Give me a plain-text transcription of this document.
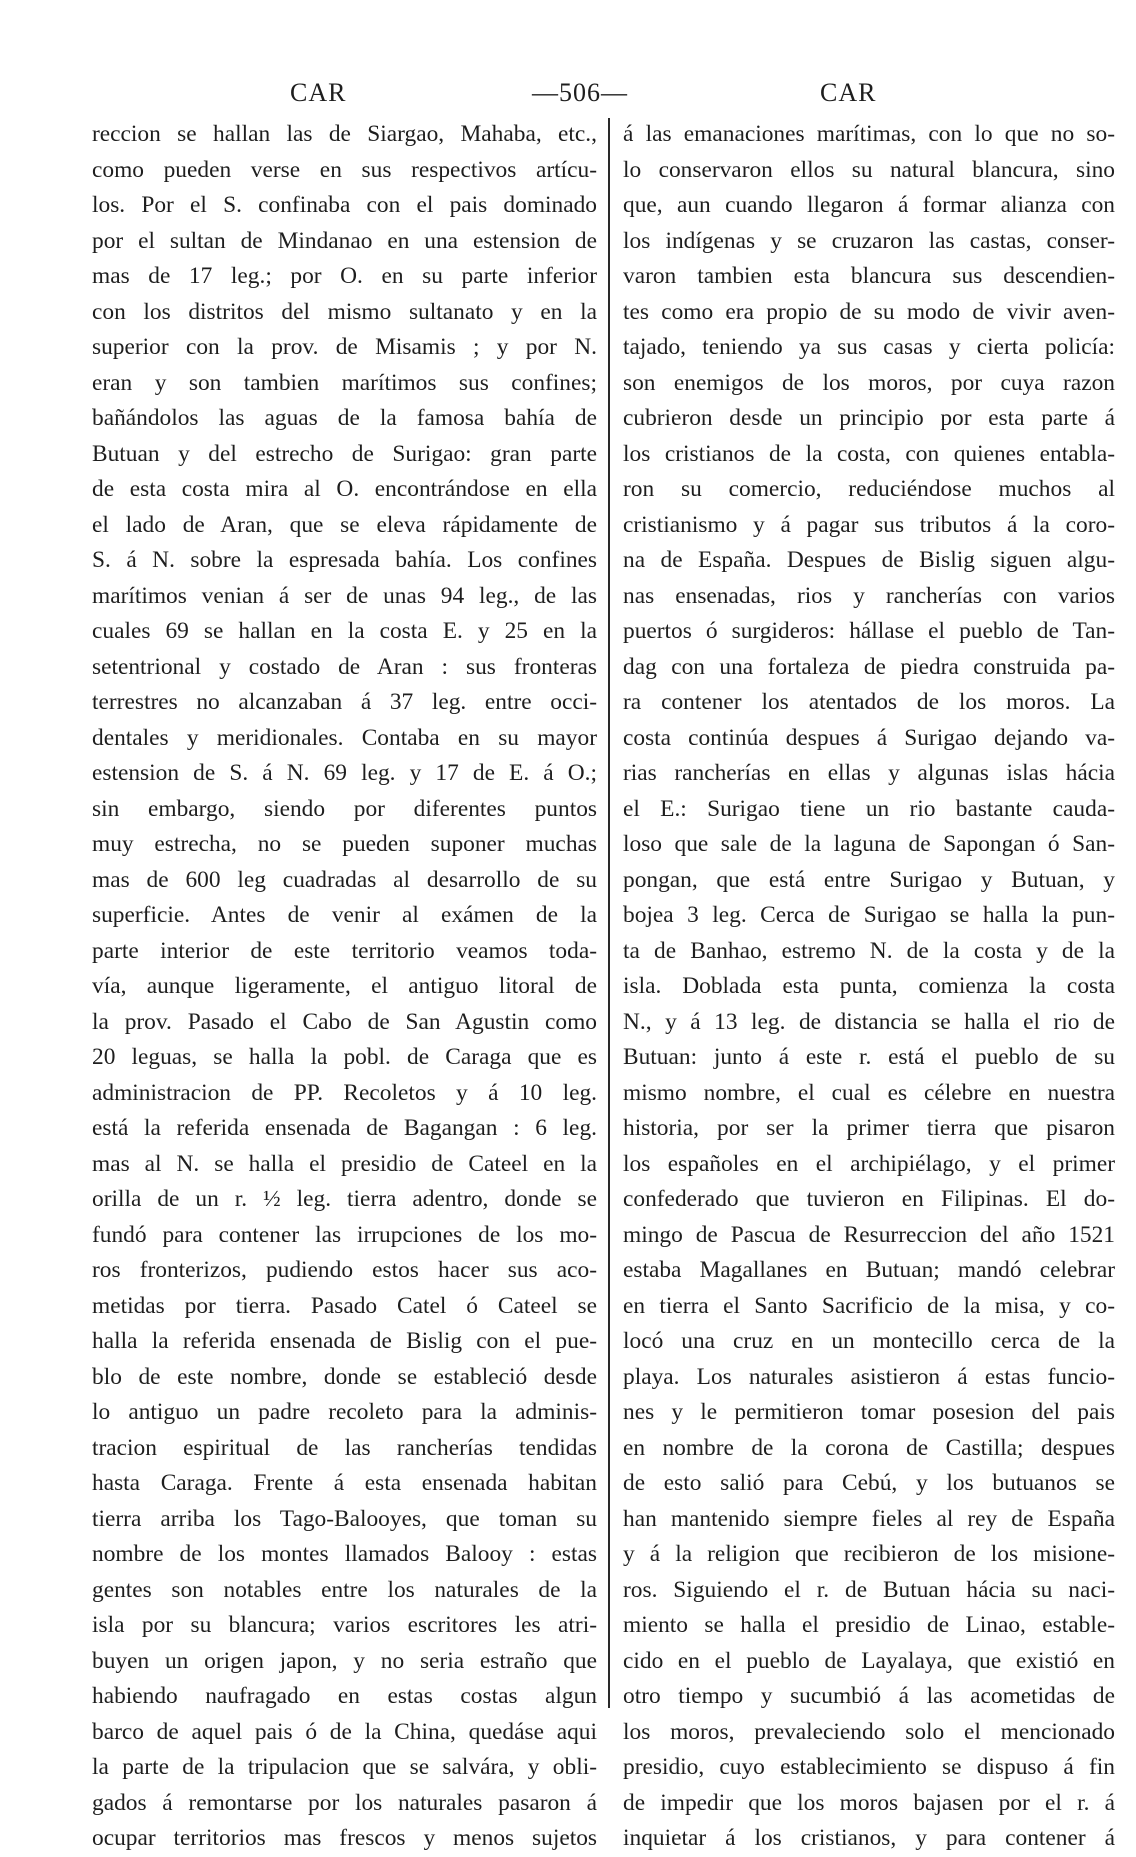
CAR	—506—	CAR
reccion se hallan las de Siargao, Mahaba, etc.,
como pueden verse en sus respectivos artícu-
los. Por el S. confinaba con el pais dominado
por el sultan de Mindanao en una estension de
mas de 17 leg.; por O. en su parte inferior
con los distritos del mismo sultanato y en la
superior con la prov. de Misamis ; y por N.
eran y son tambien marítimos sus confines;
bañándolos las aguas de la famosa bahía de
Butuan y del estrecho de Surigao: gran parte
de esta costa mira al O. encontrándose en ella
el lado de Aran, que se eleva rápidamente de
S. á N. sobre la espresada bahía. Los confines
marítimos venian á ser de unas 94 leg., de las
cuales 69 se hallan en la costa E. y 25 en la
setentrional y costado de Aran : sus fronteras
terrestres no alcanzaban á 37 leg. entre occi-
dentales y meridionales. Contaba en su mayor
estension de S. á N. 69 leg. y 17 de E. á O.;
sin embargo, siendo por diferentes puntos
muy estrecha, no se pueden suponer muchas
mas de 600 leg cuadradas al desarrollo de su
superficie. Antes de venir al exámen de la
parte interior de este territorio veamos toda-
vía, aunque ligeramente, el antiguo litoral de
la prov. Pasado el Cabo de San Agustin como
20 leguas, se halla la pobl. de Caraga que es
administracion de PP. Recoletos y á 10 leg.
está la referida ensenada de Bagangan : 6 leg.
mas al N. se halla el presidio de Cateel en la
orilla de un r. ½ leg. tierra adentro, donde se
fundó para contener las irrupciones de los mo-
ros fronterizos, pudiendo estos hacer sus aco-
metidas por tierra. Pasado Catel ó Cateel se
halla la referida ensenada de Bislig con el pue-
blo de este nombre, donde se estableció desde
lo antiguo un padre recoleto para la adminis-
tracion espiritual de las rancherías tendidas
hasta Caraga. Frente á esta ensenada habitan
tierra arriba los Tago-Balooyes, que toman su
nombre de los montes llamados Balooy : estas
gentes son notables entre los naturales de la
isla por su blancura; varios escritores les atri-
buyen un origen japon, y no seria estraño que
habiendo naufragado en estas costas algun
barco de aquel pais ó de la China, quedáse aqui
la parte de la tripulacion que se salvára, y obli-
gados á remontarse por los naturales pasaron á
ocupar territorios mas frescos y menos sujetos
á las emanaciones marítimas, con lo que no so-
lo conservaron ellos su natural blancura, sino
que, aun cuando llegaron á formar alianza con
los indígenas y se cruzaron las castas, conser-
varon tambien esta blancura sus descendien-
tes como era propio de su modo de vivir aven-
tajado, teniendo ya sus casas y cierta policía:
son enemigos de los moros, por cuya razon
cubrieron desde un principio por esta parte á
los cristianos de la costa, con quienes entabla-
ron su comercio, reduciéndose muchos al
cristianismo y á pagar sus tributos á la coro-
na de España. Despues de Bislig siguen algu-
nas ensenadas, rios y rancherías con varios
puertos ó surgideros: hállase el pueblo de Tan-
dag con una fortaleza de piedra construida pa-
ra contener los atentados de los moros. La
costa continúa despues á Surigao dejando va-
rias rancherías en ellas y algunas islas hácia
el E.: Surigao tiene un rio bastante cauda-
loso que sale de la laguna de Sapongan ó San-
pongan, que está entre Surigao y Butuan, y
bojea 3 leg. Cerca de Surigao se halla la pun-
ta de Banhao, estremo N. de la costa y de la
isla. Doblada esta punta, comienza la costa
N., y á 13 leg. de distancia se halla el rio de
Butuan: junto á este r. está el pueblo de su
mismo nombre, el cual es célebre en nuestra
historia, por ser la primer tierra que pisaron
los españoles en el archipiélago, y el primer
confederado que tuvieron en Filipinas. El do-
mingo de Pascua de Resurreccion del año 1521
estaba Magallanes en Butuan; mandó celebrar
en tierra el Santo Sacrificio de la misa, y co-
locó una cruz en un montecillo cerca de la
playa. Los naturales asistieron á estas funcio-
nes y le permitieron tomar posesion del pais
en nombre de la corona de Castilla; despues
de esto salió para Cebú, y los butuanos se
han mantenido siempre fieles al rey de España
y á la religion que recibieron de los misione-
ros. Siguiendo el r. de Butuan hácia su naci-
miento se halla el presidio de Linao, estable-
cido en el pueblo de Layalaya, que existió en
otro tiempo y sucumbió á las acometidas de
los moros, prevaleciendo solo el mencionado
presidio, cuyo establecimiento se dispuso á fin
de impedir que los moros bajasen por el r. á
inquietar á los cristianos, y para contener á
